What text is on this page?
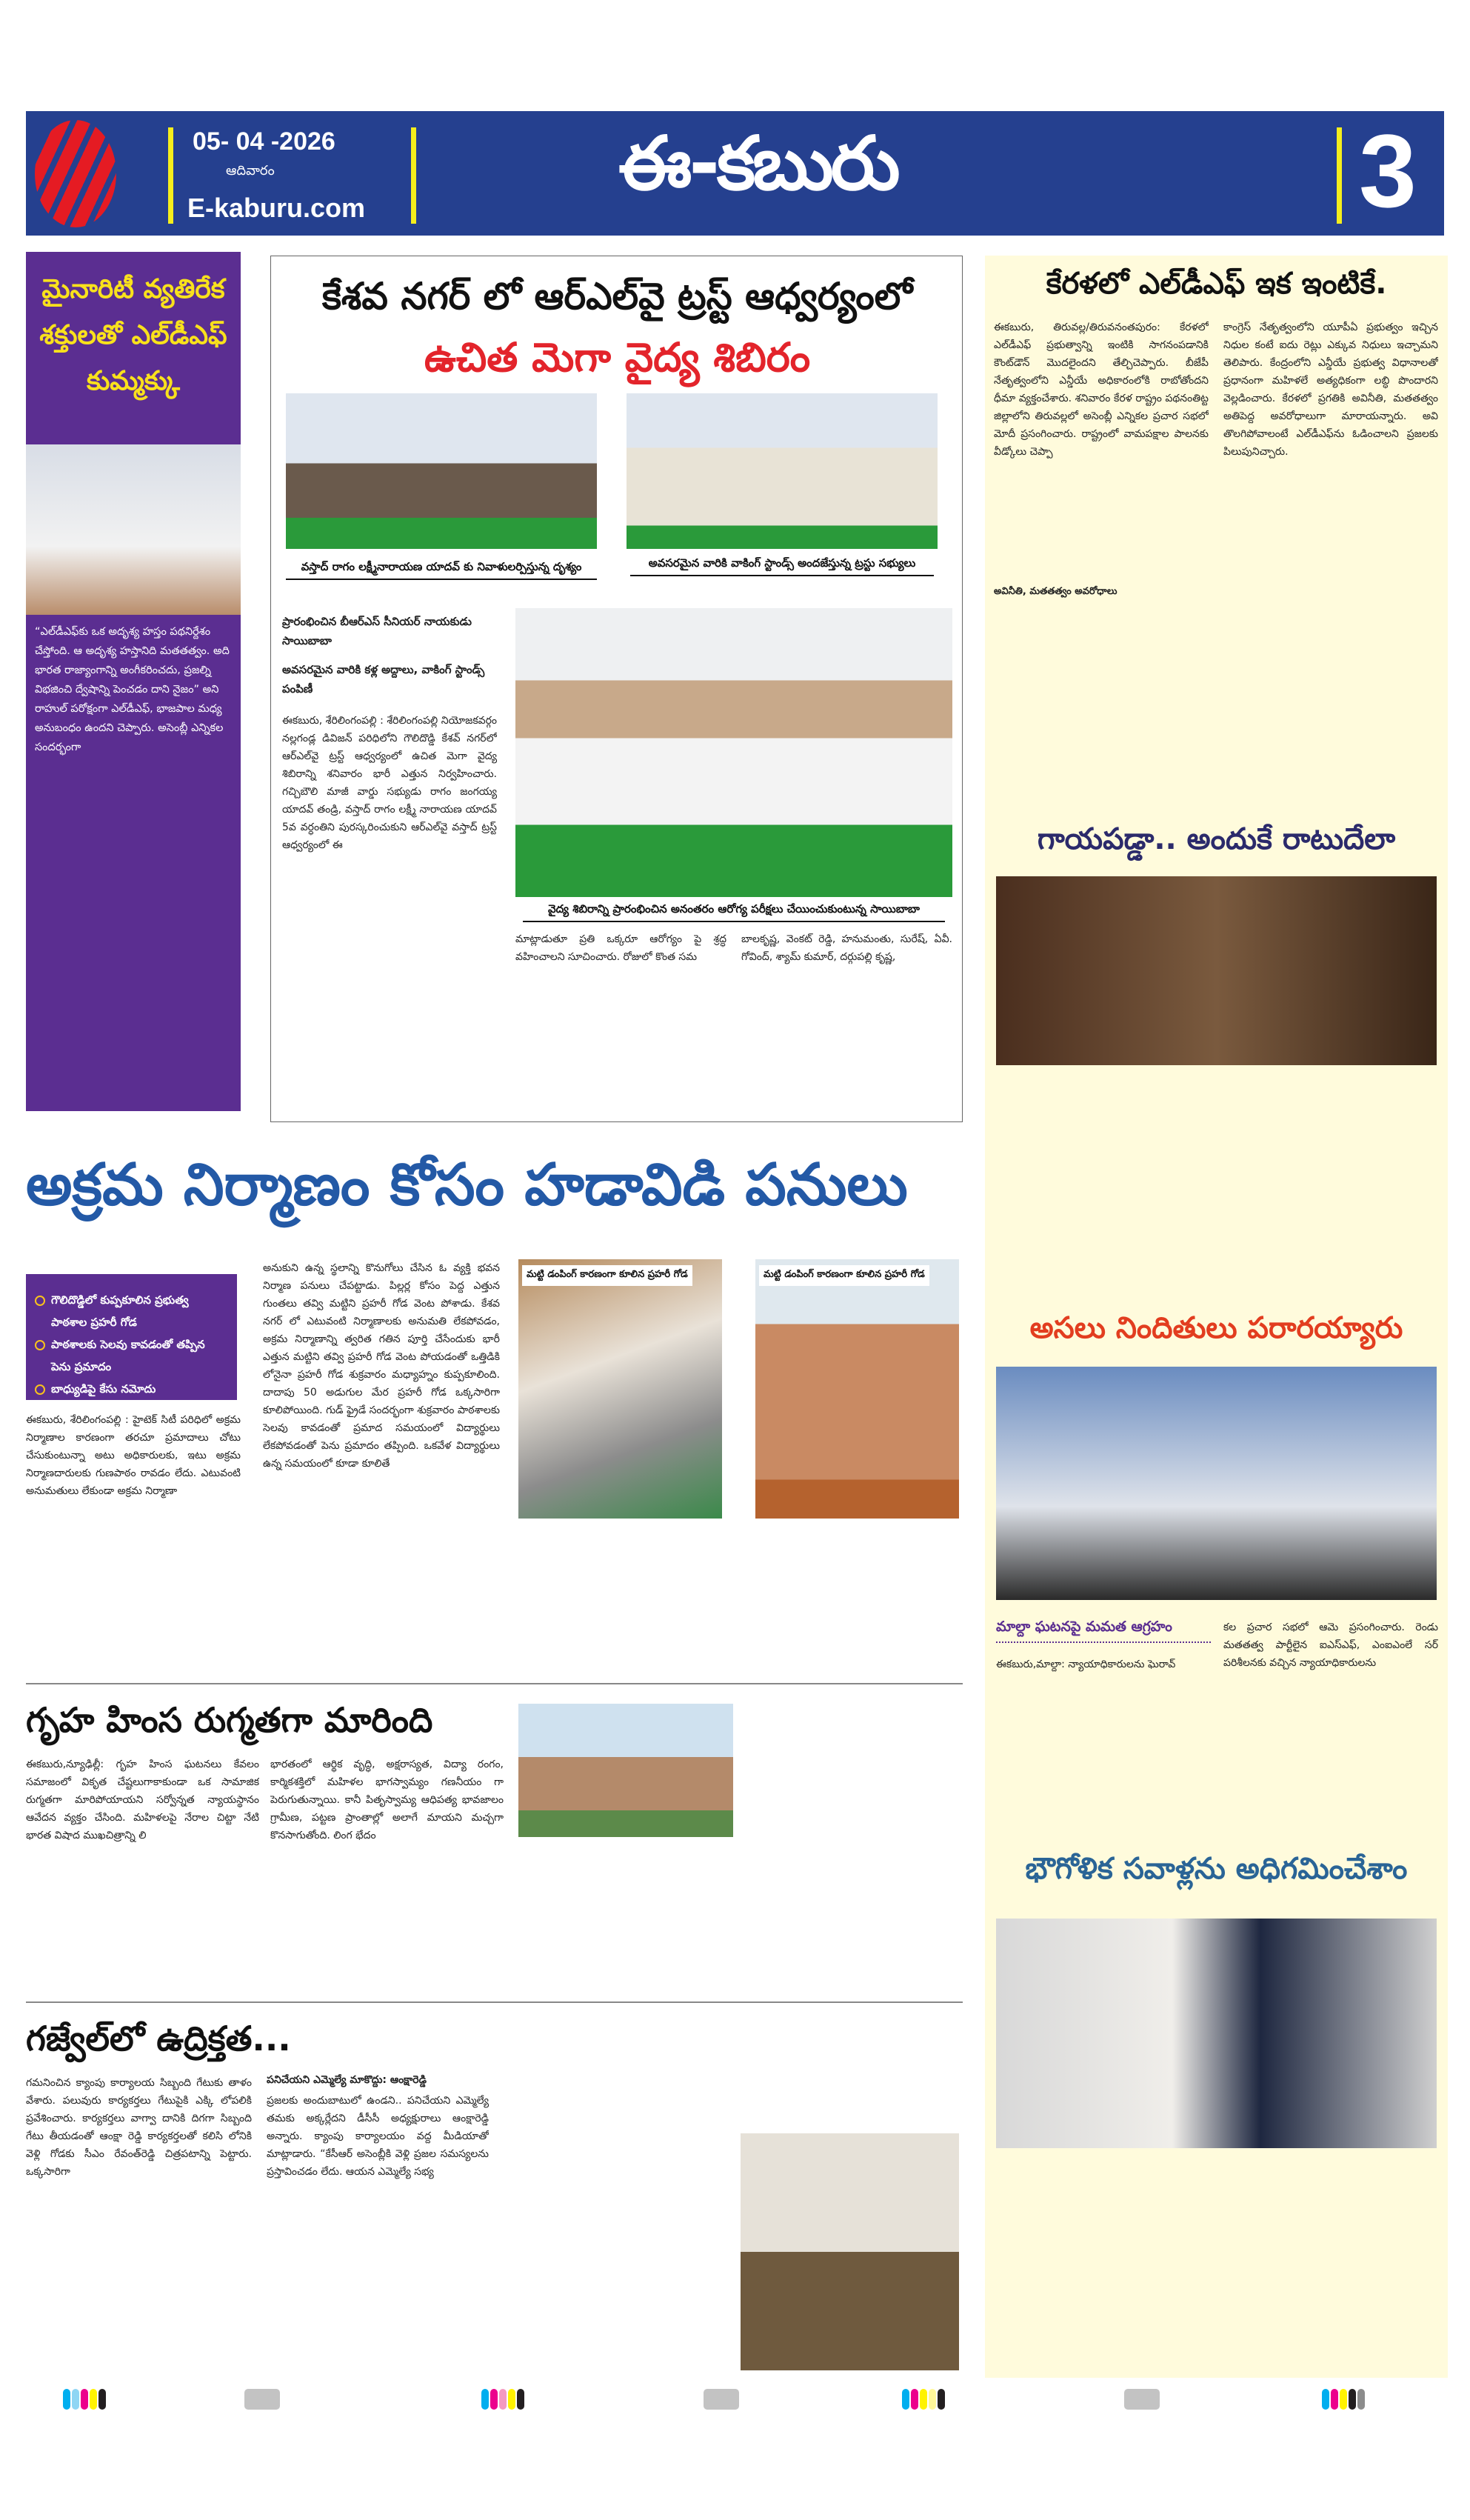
05- 04 -2026
ఆదివారం
E-kaburu.com
ఈ-కబురు	3
మైనారిటీ వ్యతిరేక శక్తులతో ఎల్‌డీఎఫ్ కుమ్మక్కు
“ఎల్‌డీఎఫ్‌కు ఒక అదృశ్య హస్తం పథనిర్దేశం చేస్తోంది. ఆ అదృశ్య హస్తానిది మతతత్వం. అది భారత రాజ్యాంగాన్ని అంగీకరించదు, ప్రజల్ని విభజించి ద్వేషాన్ని పెంచడం దాని నైజం” అని రాహుల్ పరోక్షంగా ఎల్‌డీఎఫ్, భాజపాల మధ్య అనుబంధం ఉందని చెప్పారు. అసెంబ్లీ ఎన్నికల సందర్భంగా
కేశవ నగర్ లో ఆర్‌ఎల్‌వై ట్రస్ట్ ఆధ్వర్యంలో
ఉచిత మెగా వైద్య శిబిరం
వస్తాద్ రాగం లక్ష్మీనారాయణ యాదవ్ కు నివాళులర్పిస్తున్న దృశ్యం	అవసరమైన వారికి వాకింగ్ స్టాండ్స్ అందజేస్తున్న ట్రస్టు సభ్యులు
ప్రారంభించిన బీఆర్‌ఎస్ సీనియర్ నాయకుడు సాయిబాబా
అవసరమైన వారికి కళ్ల అద్దాలు, వాకింగ్ స్టాండ్స్ పంపిణీ
ఈకబురు, శేరిలింగంపల్లి : శేరిలింగంపల్లి నియోజకవర్గం నల్లగండ్ల డివిజన్ పరిధిలోని గౌలిదొడ్డి కేశవ్ నగర్‌లో ఆర్‌ఎల్‌వై ట్రస్ట్ ఆధ్వర్యంలో ఉచిత మెగా వైద్య శిబిరాన్ని శనివారం భారీ ఎత్తున నిర్వహించారు. గచ్చిబౌలి మాజీ వార్డు సభ్యుడు రాగం జంగయ్య యాదవ్ తండ్రి, వస్తాద్ రాగం లక్ష్మీ నారాయణ యాదవ్ 5వ వర్ధంతిని పురస్కరించుకుని ఆర్‌ఎల్‌వై వస్తాద్ ట్రస్ట్ ఆధ్వర్యంలో ఈ
వైద్య శిబిరాన్ని ప్రారంభించిన అనంతరం ఆరోగ్య పరీక్షలు చేయించుకుంటున్న సాయిబాబా
మాట్లాడుతూ ప్రతి ఒక్కరూ ఆరోగ్యం పై శ్రద్ధ వహించాలని సూచించారు. రోజులో కొంత సమ
బాలకృష్ణ, వెంకట్ రెడ్డి, హనుమంతు, సురేష్, ఏవీ. గోవింద్, శ్యామ్ కుమార్, దర్గుపల్లి కృష్ణ,
అక్రమ నిర్మాణం కోసం హడావిడి పనులు
గౌలిదొడ్డిలో కుప్పకూలిన ప్రభుత్వ పాఠశాల ప్రహరీ గోడ
పాఠశాలకు సెలవు కావడంతో తప్పిన పెను ప్రమాదం
బాధ్యుడిపై కేసు నమోదు
ఈకబురు, శేరిలింగంపల్లి : హైటెక్ సిటీ పరిధిలో అక్రమ నిర్మాణాల కారణంగా తరచూ ప్రమాదాలు చోటు చేసుకుంటున్నా అటు అధికారులకు, ఇటు అక్రమ నిర్మాణదారులకు గుణపాఠం రావడం లేదు. ఎటువంటి అనుమతులు లేకుండా అక్రమ నిర్మాణా
అనుకుని ఉన్న స్థలాన్ని కొనుగోలు చేసిన ఓ వ్యక్తి భవన నిర్మాణ పనులు చేపట్టాడు. పిల్లర్ల కోసం పెద్ద ఎత్తున గుంతలు తవ్వి మట్టిని ప్రహరీ గోడ వెంట పోశాడు. కేశవ నగర్ లో ఎటువంటి నిర్మాణాలకు అనుమతి లేకపోవడం, అక్రమ నిర్మాణాన్ని త్వరిత గతిన పూర్తి చేసేందుకు భారీ ఎత్తున మట్టిని తవ్వి ప్రహరీ గోడ వెంట పోయడంతో ఒత్తిడికి లోనైనా ప్రహరీ గోడ శుక్రవారం మధ్యాహ్నం కుప్పకూలింది. దాదాపు 50 అడుగుల మేర ప్రహరీ గోడ ఒక్కసారిగా కూలిపోయింది. గుడ్ ఫ్రైడే సందర్భంగా శుక్రవారం పాఠశాలకు సెలవు కావడంతో ప్రమాద సమయంలో విద్యార్థులు లేకపోవడంతో పెను ప్రమాదం తప్పింది. ఒకవేళ విద్యార్థులు ఉన్న సమయంలో కూడా కూలితే
మట్టి డంపింగ్ కారణంగా కూలిన ప్రహరీ గోడ	మట్టి డంపింగ్ కారణంగా కూలిన ప్రహరీ గోడ
గృహ హింస రుగ్మతగా మారింది
ఈకబురు,న్యూఢిల్లీ: గృహ హింస ఘటనలు కేవలం సమాజంలో వికృత చేష్టలుగాకాకుండా ఒక సామాజిక రుగ్మతగా మారిపోయాయని సర్వోన్నత న్యాయస్థానం ఆవేదన వ్యక్తం చేసింది. మహిళలపై నేరాల చిట్టా నేటి భారత విషాద ముఖచిత్రాన్ని లి
భారతంలో ఆర్థిక వృద్ధి, అక్షరాస్యత, విద్యా రంగం, కార్మికశక్తిలో మహిళల భాగస్వామ్యం గణనీయం గా పెరుగుతున్నాయి. కానీ పితృస్వామ్య ఆధిపత్య భావజాలం గ్రామీణ, పట్టణ ప్రాంతాల్లో అలాగే మాయని మచ్చగా కొనసాగుతోంది. లింగ భేదం
గజ్వేల్‌లో ఉద్రిక్తత...
గమనించిన క్యాంపు కార్యాలయ సిబ్బంది గేటుకు తాళం వేశారు. పలువురు కార్యకర్తలు గేటుపైకి ఎక్కి లోపలికి ప్రవేశించారు. కార్యకర్తలు వాగ్వా దానికి దిగగా సిబ్బంది గేటు తీయడంతో ఆంక్షా రెడ్డి కార్యకర్తలతో కలిసి లోనికి వెళ్లి గోడకు సీఎం రేవంత్‌రెడ్డి చిత్రపటాన్ని పెట్టారు. ఒక్కసారిగా
పనిచేయని ఎమ్మెల్యే మాకొద్దు: ఆంక్షారెడ్డి
ప్రజలకు అందుబాటులో ఉండని.. పనిచేయని ఎమ్మెల్యే తమకు అక్కర్లేదని డీసీసీ అధ్యక్షురాలు ఆంక్షారెడ్డి అన్నారు. క్యాంపు కార్యాలయం వద్ద మీడియాతో మాట్లాడారు. “కేసీఆర్ అసెంబ్లీకి వెళ్లి ప్రజల సమస్యలను ప్రస్తావించడం లేదు. ఆయన ఎమ్మెల్యే సభ్య
కేరళలో ఎల్‌డీఎఫ్ ఇక ఇంటికే.
ఈకబురు, తిరువల్ల/తిరువనంతపురం: కేరళలో ఎల్‌డీఎఫ్ ప్రభుత్వాన్ని ఇంటికి సాగనంపడానికి కౌంట్‌డౌన్ మొదలైందని తేల్చిచెప్పారు. బీజేపీ నేతృత్వంలోని ఎన్డీయే అధికారంలోకి రాబోతోందని ధీమా వ్యక్తంచేశారు. శనివారం కేరళ రాష్ట్రం పథనంతిట్ట జిల్లాలోని తిరువల్లలో అసెంబ్లీ ఎన్నికల ప్రచార సభలో మోదీ ప్రసంగించారు. రాష్ట్రంలో వామపక్షాల పాలనకు వీడ్కోలు చెప్పా
కాంగ్రెస్ నేతృత్వంలోని యూపీఏ ప్రభుత్వం ఇచ్చిన నిధుల కంటే ఐదు రెట్లు ఎక్కువ నిధులు ఇచ్చామని తెలిపారు. కేంద్రంలోని ఎన్డీయే ప్రభుత్వ విధానాలతో ప్రధానంగా మహిళలే అత్యధికంగా లబ్ధి పొందారని వెల్లడించారు. కేరళలో ప్రగతికి అవినీతి, మతతత్వం అతిపెద్ద అవరోధాలుగా మారాయన్నారు. అవి తొలగిపోవాలంటే ఎల్‌డీఎఫ్‌ను ఓడించాలని ప్రజలకు పిలుపునిచ్చారు.
అవినీతి, మతతత్వం అవరోధాలు
గాయపడ్డా.. అందుకే రాటుదేలా
అసలు నిందితులు పరారయ్యారు
మాల్దా ఘటనపై మమత ఆగ్రహం
ఈకబురు,మాల్దా: న్యాయాధికారులను ఘెరావ్
కల ప్రచార సభలో ఆమె ప్రసంగించారు. రెండు మతతత్వ పార్టీలైన ఐఎస్‌ఎఫ్, ఎంఐఎంలే సర్ పరిశీలనకు వచ్చిన న్యాయాధికారులను
భౌగోళిక సవాళ్లను అధిగమించేశాం
